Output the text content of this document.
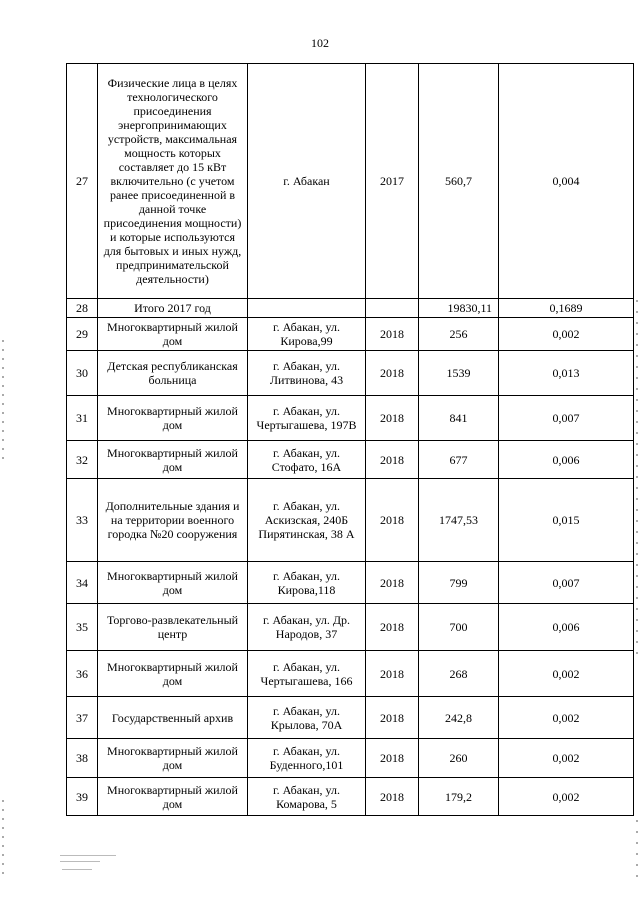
102
27	Физические лица в целях технологического присоединения энергопринимающих устройств, максимальная мощность которых составляет до 15 кВт включительно (с учетом ранее присоединенной в данной точке присоединения мощности) и которые используются для бытовых и иных нужд, предпринимательской деятельности)	г. Абакан	2017	560,7	0,004
28	Итого 2017 год			19830,11	0,1689
29	Многоквартирный жилой дом	г. Абакан, ул. Кирова,99	2018	256	0,002
30	Детская республиканская больница	г. Абакан, ул. Литвинова, 43	2018	1539	0,013
31	Многоквартирный жилой дом	г. Абакан, ул. Чертыгашева, 197В	2018	841	0,007
32	Многоквартирный жилой дом	г. Абакан, ул. Стофато, 16А	2018	677	0,006
33	Дополнительные здания и на территории военного городка №20 сооружения	г. Абакан, ул. Аскизская, 240Б Пирятинская, 38 А	2018	1747,53	0,015
34	Многоквартирный жилой дом	г. Абакан, ул. Кирова,118	2018	799	0,007
35	Торгово-развлекательный центр	г. Абакан, ул. Др. Народов, 37	2018	700	0,006
36	Многоквартирный жилой дом	г. Абакан, ул. Чертыгашева, 166	2018	268	0,002
37	Государственный архив	г. Абакан, ул. Крылова, 70А	2018	242,8	0,002
38	Многоквартирный жилой дом	г. Абакан, ул. Буденного,101	2018	260	0,002
39	Многоквартирный жилой дом	г. Абакан, ул. Комарова, 5	2018	179,2	0,002
